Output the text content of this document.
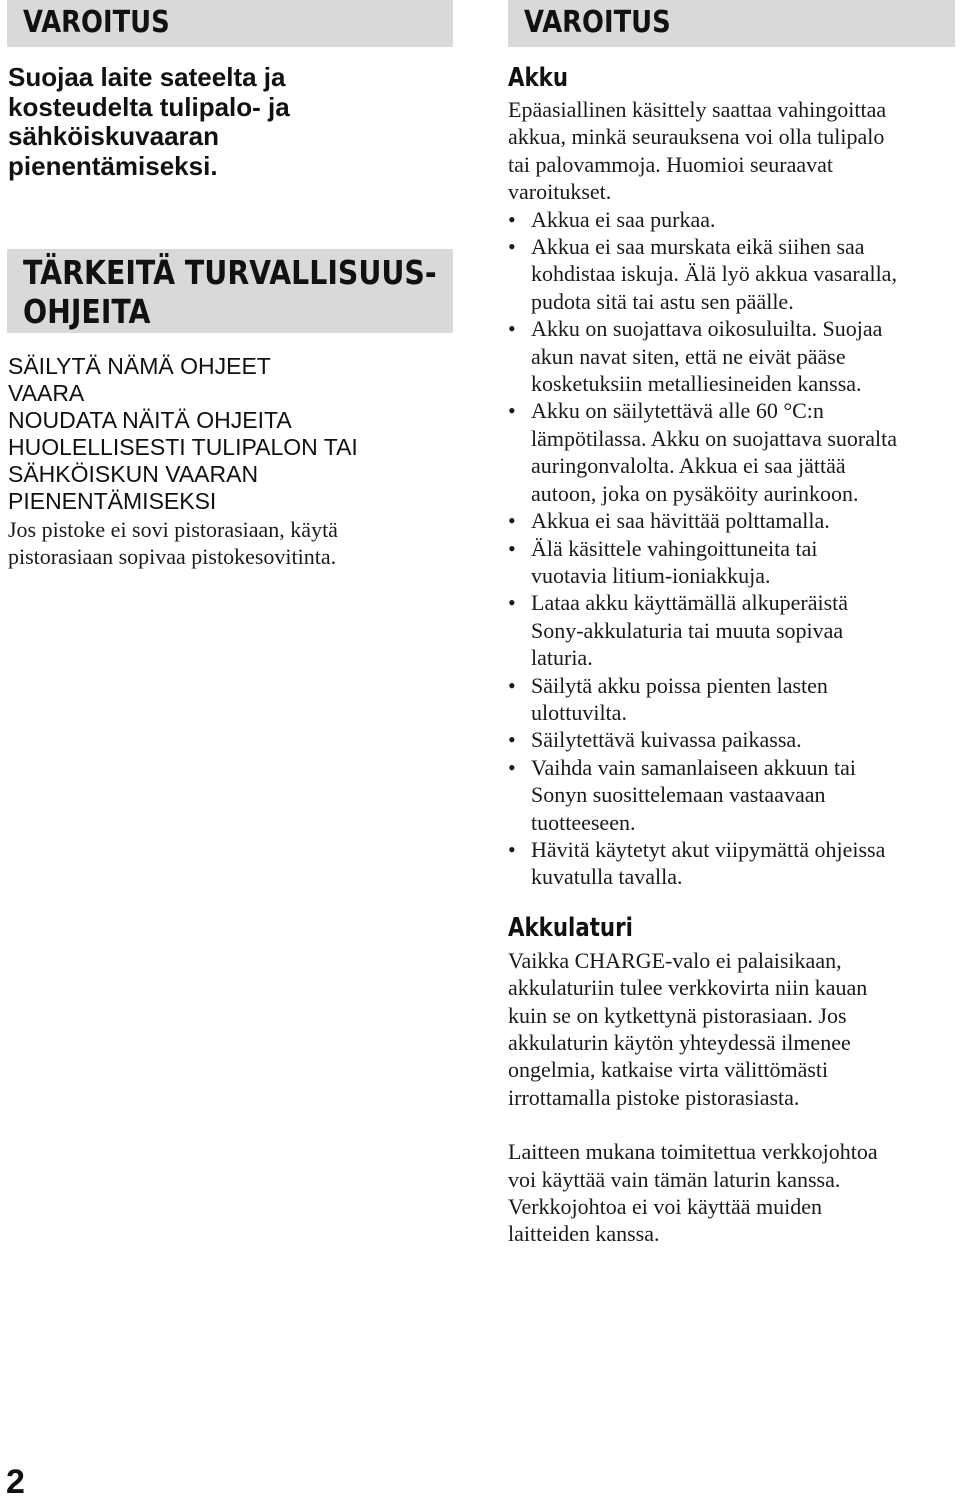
VAROITUS
Suojaa laite sateelta ja
kosteudelta tulipalo- ja
sähköiskuvaaran
pienentämiseksi.
TÄRKEITÄ TURVALLISUUS-
OHJEITA
SÄILYTÄ NÄMÄ OHJEET
VAARA
NOUDATA NÄITÄ OHJEITA
HUOLELLISESTI TULIPALON TAI
SÄHKÖISKUN VAARAN
PIENENTÄMISEKSI
Jos pistoke ei sovi pistorasiaan, käytä
pistorasiaan sopivaa pistokesovitinta.
VAROITUS
Akku
Epäasiallinen käsittely saattaa vahingoittaa
akkua, minkä seurauksena voi olla tulipalo
tai palovammoja. Huomioi seuraavat
varoitukset.
• Akkua ei saa purkaa.
• Akkua ei saa murskata eikä siihen saa
kohdistaa iskuja. Älä lyö akkua vasaralla,
pudota sitä tai astu sen päälle.
• Akku on suojattava oikosuluilta. Suojaa
akun navat siten, että ne eivät pääse
kosketuksiin metalliesineiden kanssa.
• Akku on säilytettävä alle 60 °C:n
lämpötilassa. Akku on suojattava suoralta
auringonvalolta. Akkua ei saa jättää
autoon, joka on pysäköity aurinkoon.
• Akkua ei saa hävittää polttamalla.
• Älä käsittele vahingoittuneita tai
vuotavia litium-ioniakkuja.
• Lataa akku käyttämällä alkuperäistä
Sony-akkulaturia tai muuta sopivaa
laturia.
• Säilytä akku poissa pienten lasten
ulottuvilta.
• Säilytettävä kuivassa paikassa.
• Vaihda vain samanlaiseen akkuun tai
Sonyn suosittelemaan vastaavaan
tuotteeseen.
• Hävitä käytetyt akut viipymättä ohjeissa
kuvatulla tavalla.
Akkulaturi
Vaikka CHARGE-valo ei palaisikaan,
akkulaturiin tulee verkkovirta niin kauan
kuin se on kytkettynä pistorasiaan. Jos
akkulaturin käytön yhteydessä ilmenee
ongelmia, katkaise virta välittömästi
irrottamalla pistoke pistorasiasta.
Laitteen mukana toimitettua verkkojohtoa
voi käyttää vain tämän laturin kanssa.
Verkkojohtoa ei voi käyttää muiden
laitteiden kanssa.
2
